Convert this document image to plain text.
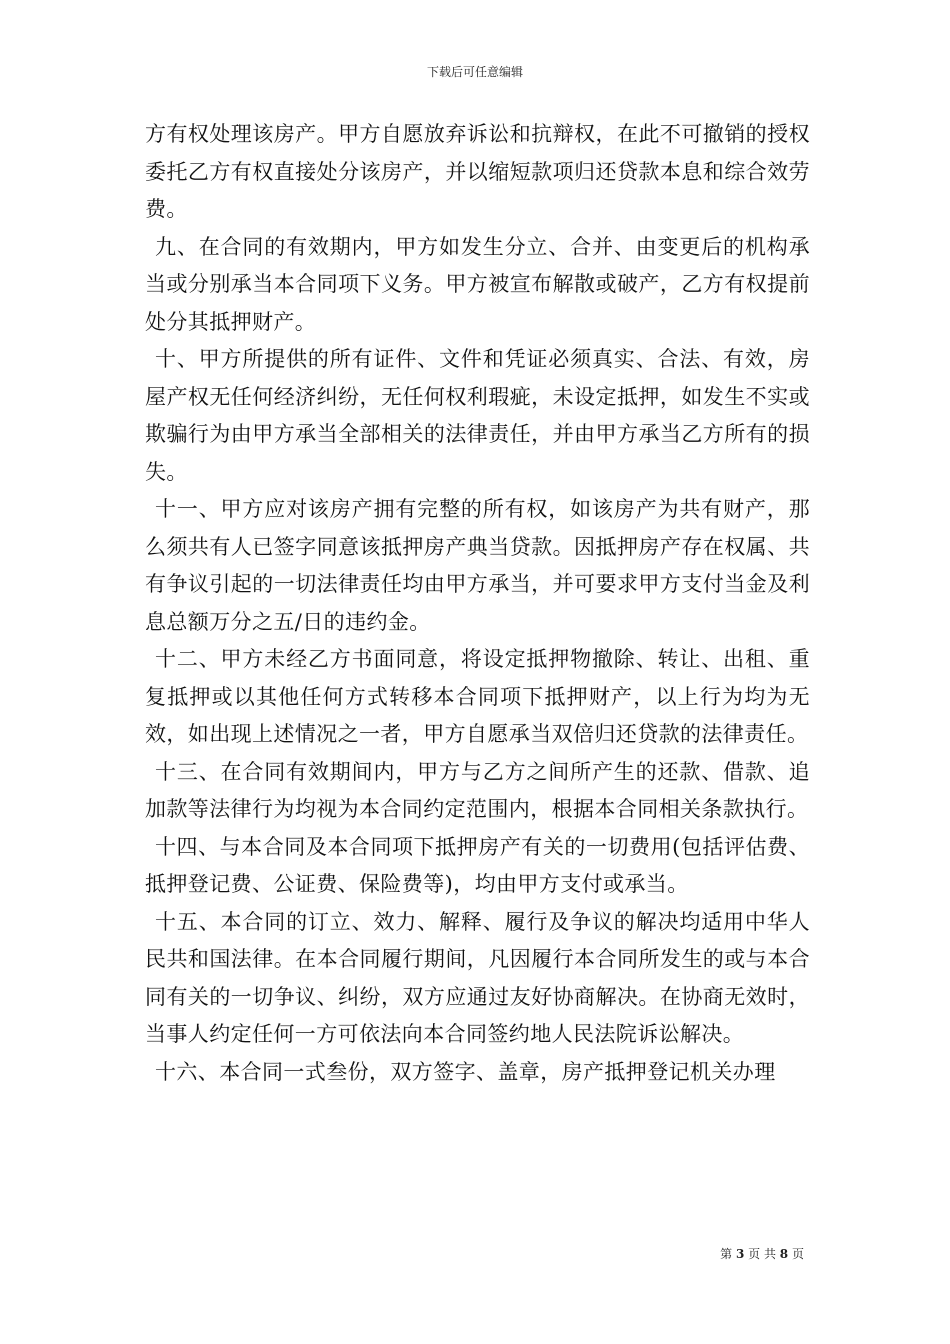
下载后可任意编辑

方有权处理该房产。甲方自愿放弃诉讼和抗辩权，在此不可撤销的授权委托乙方有权直接处分该房产，并以缩短款项归还贷款本息和综合效劳费。

九、在合同的有效期内，甲方如发生分立、合并、由变更后的机构承当或分别承当本合同项下义务。甲方被宣布解散或破产，乙方有权提前处分其抵押财产。

十、甲方所提供的所有证件、文件和凭证必须真实、合法、有效，房屋产权无任何经济纠纷，无任何权利瑕疵，未设定抵押，如发生不实或欺骗行为由甲方承当全部相关的法律责任，并由甲方承当乙方所有的损失。

十一、甲方应对该房产拥有完整的所有权，如该房产为共有财产，那么须共有人已签字同意该抵押房产典当贷款。因抵押房产存在权属、共有争议引起的一切法律责任均由甲方承当，并可要求甲方支付当金及利息总额万分之五/日的违约金。

十二、甲方未经乙方书面同意，将设定抵押物撤除、转让、出租、重复抵押或以其他任何方式转移本合同项下抵押财产，以上行为均为无效，如出现上述情况之一者，甲方自愿承当双倍归还贷款的法律责任。

十三、在合同有效期间内，甲方与乙方之间所产生的还款、借款、追加款等法律行为均视为本合同约定范围内，根据本合同相关条款执行。

十四、与本合同及本合同项下抵押房产有关的一切费用(包括评估费、抵押登记费、公证费、保险费等)，均由甲方支付或承当。

十五、本合同的订立、效力、解释、履行及争议的解决均适用中华人民共和国法律。在本合同履行期间，凡因履行本合同所发生的或与本合同有关的一切争议、纠纷，双方应通过友好协商解决。在协商无效时，当事人约定任何一方可依法向本合同签约地人民法院诉讼解决。

十六、本合同一式叁份，双方签字、盖章，房产抵押登记机关办理

第 3 页 共 8 页
